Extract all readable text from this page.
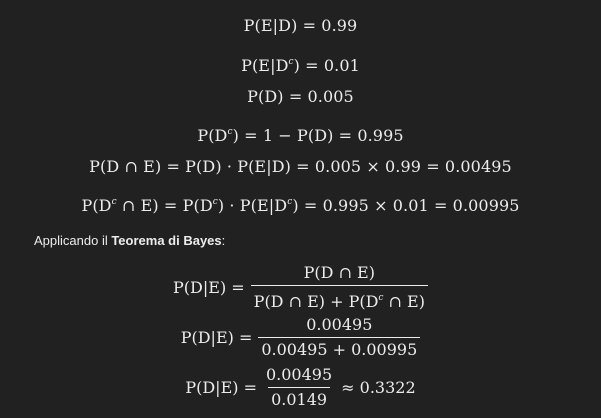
P(E|D) = 0.99
$P(E|D^c) = 0.01$
P(D) = 0.005
$P(D^c) = 1 - P(D) = 0.995$
P(D ∩ E) = P(D) · P(E|D) = 0.005 × 0.99 = 0.00495
$P(D^c$ ∩ $E) = P(D^c) \cdot P(E|D^c) = 0.995 \times 0.01 = 0.00995$
Applicando il Teorema di Bayes:
$P(D|E) = \frac{P(D \cap E)}{P(D \cap E) + P(D^c \cap E)}$
$P(D|E) = \frac{0.00495}{0.00495 + 0.00995}$
$P(D|E) = \frac{0.00495}{0.0149} \approx 0.3322$
